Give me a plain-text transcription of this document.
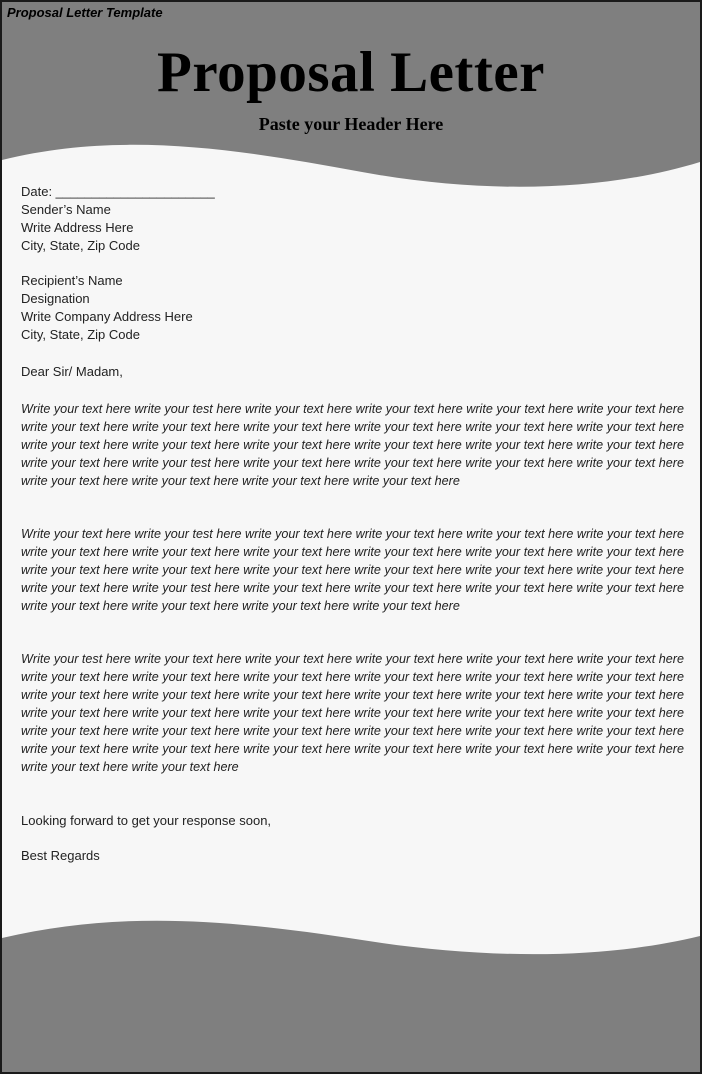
Proposal Letter Template
Proposal Letter
Paste your Header Here
Date: ______________________
Sender’s Name
Write Address Here
City, State, Zip Code
Recipient’s Name
Designation
Write Company Address Here
City, State, Zip Code
Dear Sir/ Madam,

Write your text here write your test here write your text here write your text here write your text here write your text here write your text here write your text here write your text here write your text here write your text here write your text here write your text here write your text here write your text here write your text here write your text here write your text here write your text here write your test here write your text here write your text here write your text here write your text here write your text here write your text here write your text here write your text here

Write your text here write your test here write your text here write your text here write your text here write your text here write your text here write your text here write your text here write your text here write your text here write your text here write your text here write your text here write your text here write your text here write your text here write your text here write your text here write your test here write your text here write your text here write your text here write your text here write your text here write your text here write your text here write your text here

Write your test here write your text here write your text here write your text here write your text here write your text here write your text here write your text here write your text here write your text here write your text here write your text here write your text here write your text here write your text here write your text here write your text here write your text here write your text here write your text here write your text here write your text here write your text here write your text here write your text here write your text here write your text here write your text here write your text here write your text here write your text here write your text here write your text here write your text here write your text here write your text here write your text here write your text here

Looking forward to get your response soon,
Best Regards
